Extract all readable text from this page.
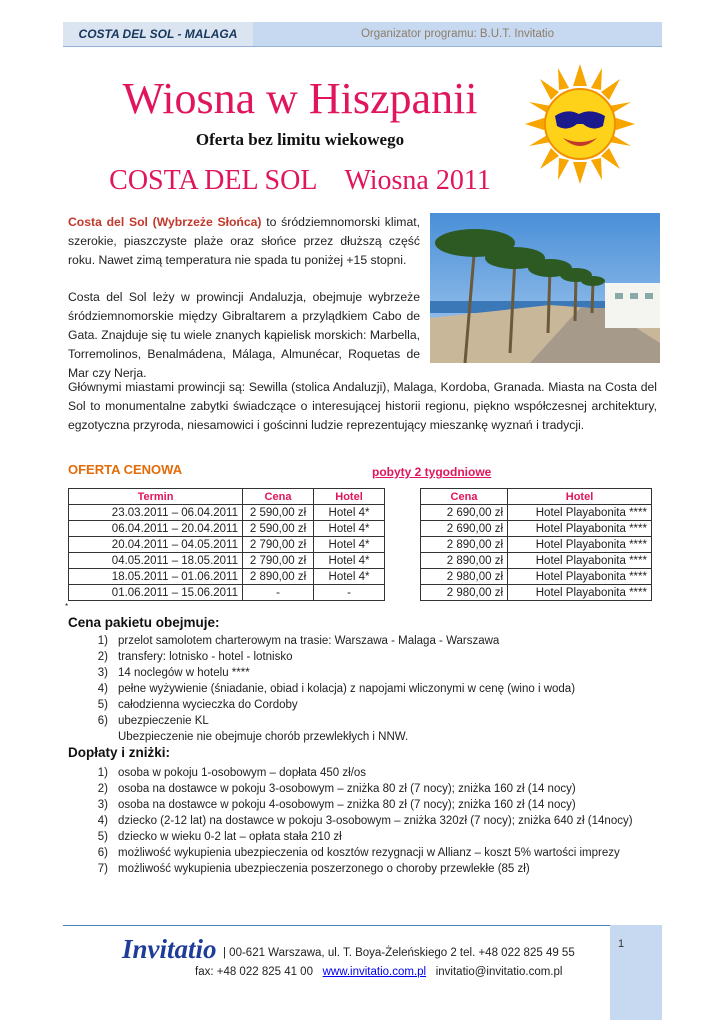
COSTA DEL SOL - MALAGA	Organizator programu: B.U.T. Invitatio
Wiosna w Hiszpanii
Oferta bez limitu wiekowego
COSTA DEL SOL Wiosna 2011
Costa del Sol (Wybrzeże Słońca) to śródziemnomorski klimat, szerokie, piaszczyste plaże oraz słońce przez dłuższą część roku. Nawet zimą temperatura nie spada tu poniżej +15 stopni.
Costa del Sol leży w prowincji Andaluzja, obejmuje wybrzeże śródziemnomorskie między Gibraltarem a przylądkiem Cabo de Gata. Znajduje się tu wiele znanych kąpielisk morskich: Marbella, Torremolinos, Benalmádena, Málaga, Almunécar, Roquetas de Mar czy Nerja.
Głównymi miastami prowincji są: Sewilla (stolica Andaluzji), Malaga, Kordoba, Granada. Miasta na Costa del Sol to monumentalne zabytki świadczące o interesującej historii regionu, piękno współczesnej architektury, egzotyczna przyroda, niesamowici i gościnni ludzie reprezentujący mieszankę wyznań i tradycji.
OFERTA CENOWA	pobyty 2 tygodniowe
Termin	Cena	Hotel
23.03.2011 – 06.04.2011	2 590,00 zł	Hotel 4*
06.04.2011 – 20.04.2011	2 590,00 zł	Hotel 4*
20.04.2011 – 04.05.2011	2 790,00 zł	Hotel 4*
04.05.2011 – 18.05.2011	2 790,00 zł	Hotel 4*
18.05.2011 – 01.06.2011	2 890,00 zł	Hotel 4*
01.06.2011 – 15.06.2011	-	-
Cena	Hotel
2 690,00 zł	Hotel Playabonita ****
2 690,00 zł	Hotel Playabonita ****
2 890,00 zł	Hotel Playabonita ****
2 890,00 zł	Hotel Playabonita ****
2 980,00 zł	Hotel Playabonita ****
2 980,00 zł	Hotel Playabonita ****
*
Cena pakietu obejmuje:
1) przelot samolotem charterowym na trasie: Warszawa - Malaga - Warszawa
2) transfery: lotnisko - hotel - lotnisko
3) 14 noclegów w hotelu ****
4) pełne wyżywienie (śniadanie, obiad i kolacja) z napojami wliczonymi w cenę (wino i woda)
5) całodzienna wycieczka do Cordoby
6) ubezpieczenie KL
Ubezpieczenie nie obejmuje chorób przewlekłych i NNW.
Dopłaty i zniżki:
1) osoba w pokoju 1-osobowym – dopłata 450 zł/os
2) osoba na dostawce w pokoju 3-osobowym – zniżka 80 zł (7 nocy); zniżka 160 zł (14 nocy)
3) osoba na dostawce w pokoju 4-osobowym – zniżka 80 zł (7 nocy); zniżka 160 zł (14 nocy)
4) dziecko (2-12 lat) na dostawce w pokoju 3-osobowym – zniżka 320zł (7 nocy); zniżka 640 zł (14nocy)
5) dziecko w wieku 0-2 lat – opłata stała 210 zł
6) możliwość wykupienia ubezpieczenia od kosztów rezygnacji w Allianz – koszt 5% wartości imprezy
7) możliwość wykupienia ubezpieczenia poszerzonego o choroby przewlekłe (85 zł)
1
Invitatio | 00-621 Warszawa, ul. T. Boya-Żeleńskiego 2 tel. +48 022 825 49 55
fax: +48 022 825 41 00 www.invitatio.com.pl invitatio@invitatio.com.pl
